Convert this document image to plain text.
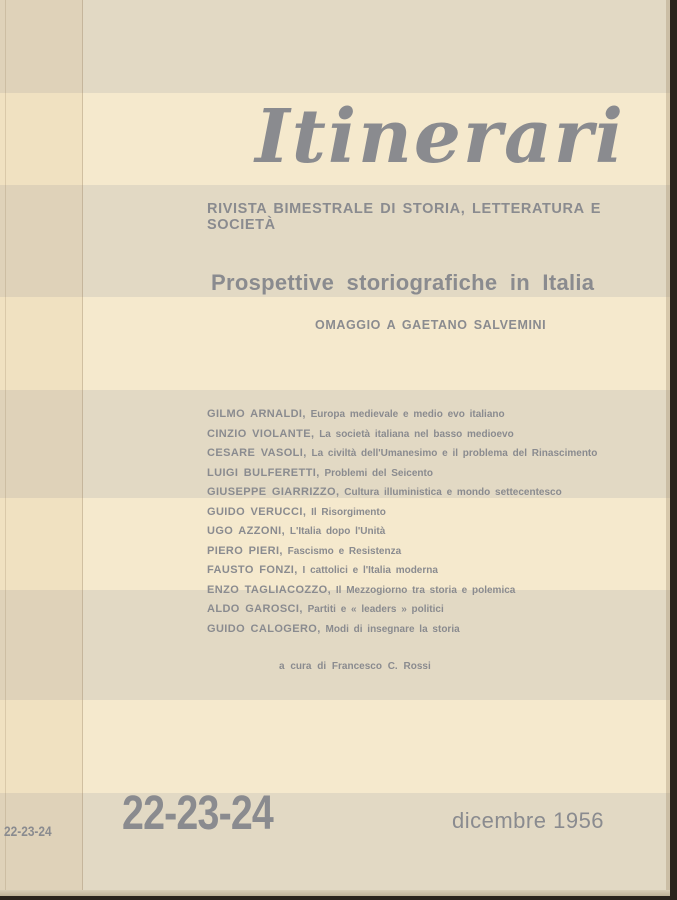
22-23-24
Itinerari
RIVISTA BIMESTRALE DI STORIA, LETTERATURA E SOCIETÀ
Prospettive storiografiche in Italia
OMAGGIO A GAETANO SALVEMINI
GILMO ARNALDI, Europa medievale e medio evo italiano
CINZIO VIOLANTE, La società italiana nel basso medioevo
CESARE VASOLI, La civiltà dell'Umanesimo e il problema del Rinascimento
LUIGI BULFERETTI, Problemi del Seicento
GIUSEPPE GIARRIZZO, Cultura illuministica e mondo settecentesco
GUIDO VERUCCI, Il Risorgimento
UGO AZZONI, L'Italia dopo l'Unità
PIERO PIERI, Fascismo e Resistenza
FAUSTO FONZI, I cattolici e l'Italia moderna
ENZO TAGLIACOZZO, Il Mezzogiorno tra storia e polemica
ALDO GAROSCI, Partiti e « leaders » politici
GUIDO CALOGERO, Modi di insegnare la storia
a cura di Francesco C. Rossi
22-23-24	dicembre 1956
